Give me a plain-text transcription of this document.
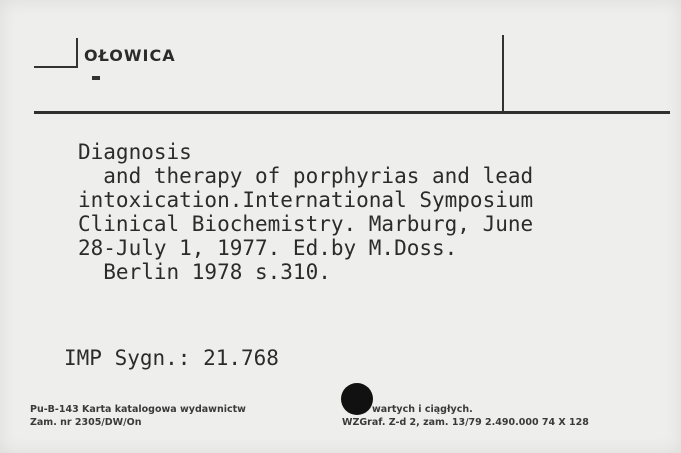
OŁOWICA
Diagnosis
and therapy of porphyrias and lead
intoxication.International Symposium
Clinical Biochemistry. Marburg, June
28-July 1, 1977. Ed.by M.Doss.
Berlin 1978 s.310.
IMP Sygn.: 21.768
Pu-B-143 Karta katalogowa wydawnictw	wartych i ciągłych.
Zam. nr 2305/DW/On	WZGraf. Z-d 2, zam. 13/79 2.490.000 74 X 128
